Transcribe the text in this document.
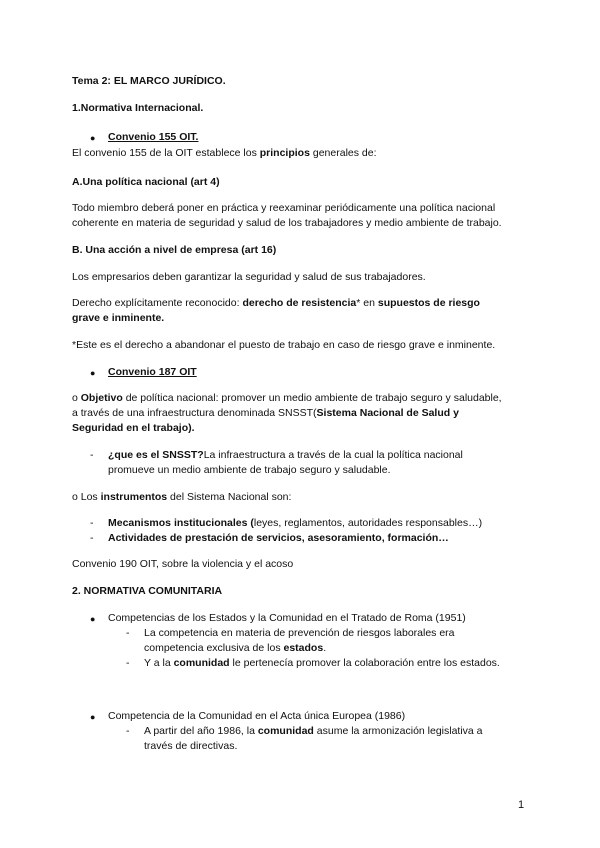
Tema 2: EL MARCO JURÍDICO.
1.Normativa Internacional.
● Convenio 155 OIT.
El convenio 155 de la OIT establece los principios generales de:
A.Una política nacional (art 4)
Todo miembro deberá poner en práctica y reexaminar periódicamente una política nacional
coherente en materia de seguridad y salud de los trabajadores y medio ambiente de trabajo.
B. Una acción a nivel de empresa (art 16)
Los empresarios deben garantizar la seguridad y salud de sus trabajadores.
Derecho explícitamente reconocido: derecho de resistencia* en supuestos de riesgo
grave e inminente.
*Este es el derecho a abandonar el puesto de trabajo en caso de riesgo grave e inminente.
● Convenio 187 OIT
o Objetivo de política nacional: promover un medio ambiente de trabajo seguro y saludable,
a través de una infraestructura denominada SNSST(Sistema Nacional de Salud y
Seguridad en el trabajo).
- ¿que es el SNSST?La infraestructura a través de la cual la política nacional
promueve un medio ambiente de trabajo seguro y saludable.
o Los instrumentos del Sistema Nacional son:
- Mecanismos institucionales (leyes, reglamentos, autoridades responsables…)
- Actividades de prestación de servicios, asesoramiento, formación…
Convenio 190 OIT, sobre la violencia y el acoso
2. NORMATIVA COMUNITARIA
● Competencias de los Estados y la Comunidad en el Tratado de Roma (1951)
- La competencia en materia de prevención de riesgos laborales era
competencia exclusiva de los estados.
- Y a la comunidad le pertenecía promover la colaboración entre los estados.
● Competencia de la Comunidad en el Acta única Europea (1986)
- A partir del año 1986, la comunidad asume la armonización legislativa a
través de directivas.
1
